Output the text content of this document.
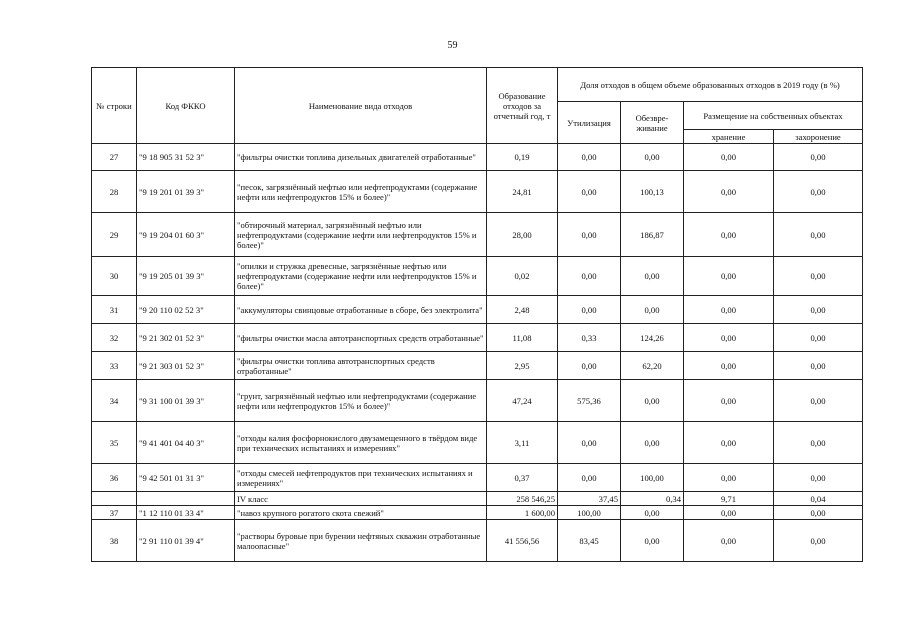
59
№ строки	Код ФККО	Наименование вида отходов	Образование отходов за отчетный год, т	Доля отходов в общем объеме образованных отходов в 2019 году (в %)			
				Утилизация	Обезвре-живание	Размещение на собственных объектах	
						хранение	захоронение
27	"9 18 905 31 52 3"	"фильтры очистки топлива дизельных двигателей отработанные"	0,19	0,00	0,00	0,00	0,00
28	"9 19 201 01 39 3"	"песок, загрязнённый нефтью или нефтепродуктами (содержание нефти или нефтепродуктов 15% и более)"	24,81	0,00	100,13	0,00	0,00
29	"9 19 204 01 60 3"	"обтирочный материал, загрязнённый нефтью или нефтепродуктами (содержание нефти или нефтепродуктов 15% и более)"	28,00	0,00	186,87	0,00	0,00
30	"9 19 205 01 39 3"	"опилки и стружка древесные, загрязнённые нефтью или нефтепродуктами (содержание нефти или нефтепродуктов 15% и более)"	0,02	0,00	0,00	0,00	0,00
31	"9 20 110 02 52 3"	"аккумуляторы свинцовые отработанные в сборе, без электролита"	2,48	0,00	0,00	0,00	0,00
32	"9 21 302 01 52 3"	"фильтры очистки масла автотранспортных средств отработанные"	11,08	0,33	124,26	0,00	0,00
33	"9 21 303 01 52 3"	"фильтры очистки топлива автотранспортных средств отработанные"	2,95	0,00	62,20	0,00	0,00
34	"9 31 100 01 39 3"	"грунт, загрязнённый нефтью или нефтепродуктами (содержание нефти или нефтепродуктов 15% и более)"	47,24	575,36	0,00	0,00	0,00
35	"9 41 401 04 40 3"	"отходы калия фосфорнокислого двузамещенного в твёрдом виде при технических испытаниях и измерениях"	3,11	0,00	0,00	0,00	0,00
36	"9 42 501 01 31 3"	"отходы смесей нефтепродуктов при технических испытаниях и измерениях"	0,37	0,00	100,00	0,00	0,00
		IV класс	258 546,25	37,45	0,34	9,71	0,04
37	"1 12 110 01 33 4"	"навоз крупного рогатого скота свежий"	1 600,00	100,00	0,00	0,00	0,00
38	"2 91 110 01 39 4"	"растворы буровые при бурении нефтяных скважин отработанные малоопасные"	41 556,56	83,45	0,00	0,00	0,00
